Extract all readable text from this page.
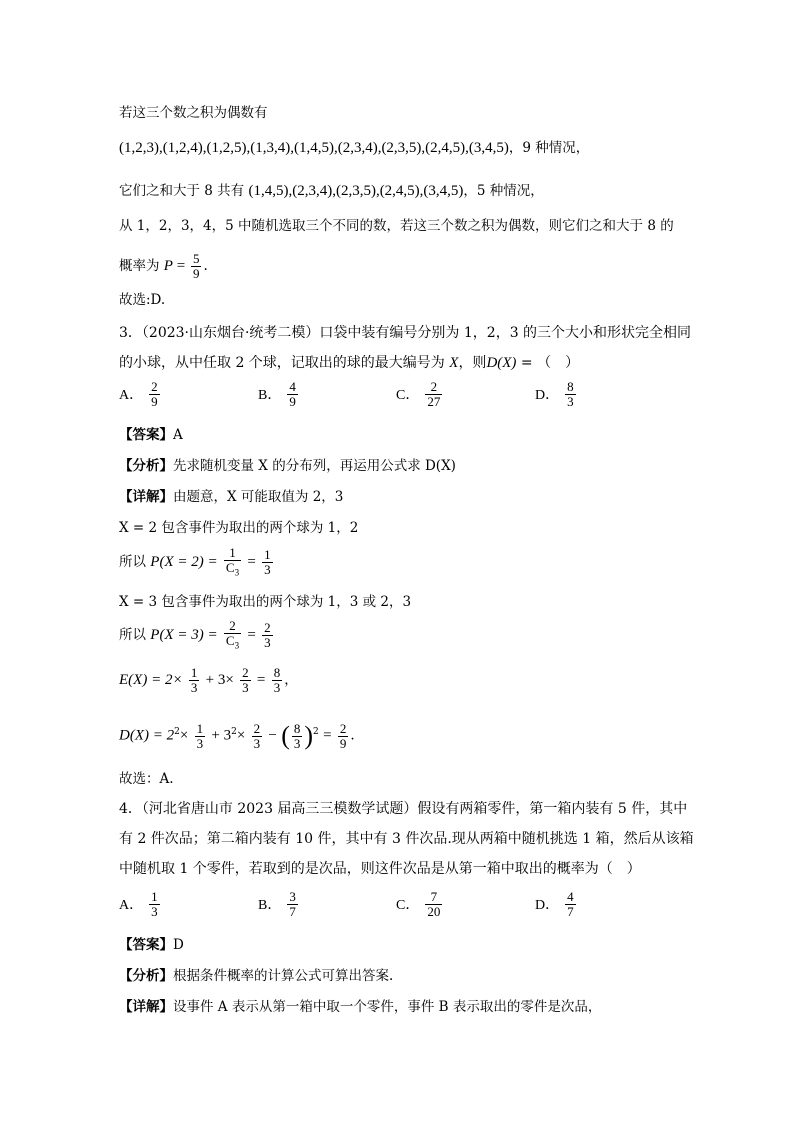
若这三个数之积为偶数有
(1,2,3),(1,2,4),(1,2,5),(1,3,4),(1,4,5),(2,3,4),(2,3,5),(2,4,5),(3,4,5)，9 种情况，
它们之和大于 8 共有 (1,4,5),(2,3,4),(2,3,5),(2,4,5),(3,4,5)，5 种情况，
从 1，2，3，4，5 中随机选取三个不同的数，若这三个数之积为偶数，则它们之和大于 8 的
概率为 $P = \frac{5}{9}$ .
故选:D.
3．（2023·山东烟台·统考二模）口袋中装有编号分别为 1，2，3 的三个大小和形状完全相同
的小球，从中任取 2 个球，记取出的球的最大编号为 X，则D(X) = （　）
A． $\frac{2}{9}$	B． $\frac{4}{9}$	C． $\frac{2}{27}$	D． $\frac{8}{3}$
【答案】A
【分析】先求随机变量 X 的分布列，再运用公式求 D(X)
【详解】由题意，X 可能取值为 2，3
X = 2 包含事件为取出的两个球为 1，2
所以 $P(X = 2) = \frac{1}{C_3} = \frac{1}{3}$
X = 3 包含事件为取出的两个球为 1，3 或 2，3
所以 $P(X = 3) = \frac{2}{C_3} = \frac{2}{3}$
$E(X) = 2\times \frac{1}{3} + 3\times \frac{2}{3} = \frac{8}{3}$ ，
$D(X) = 2^2\times \frac{1}{3} + 3^2\times \frac{2}{3}$ − ( $\frac{8}{3} )^2 = \frac{2}{9}$ .
故选：A.
4．（河北省唐山市 2023 届高三三模数学试题）假设有两箱零件，第一箱内装有 5 件，其中
有 2 件次品；第二箱内装有 10 件，其中有 3 件次品.现从两箱中随机挑选 1 箱，然后从该箱
中随机取 1 个零件，若取到的是次品，则这件次品是从第一箱中取出的概率为（　）
A． $\frac{1}{3}$	B． $\frac{3}{7}$	C． $\frac{7}{20}$	D． $\frac{4}{7}$
【答案】D
【分析】根据条件概率的计算公式可算出答案.
【详解】设事件 A 表示从第一箱中取一个零件，事件 B 表示取出的零件是次品，
